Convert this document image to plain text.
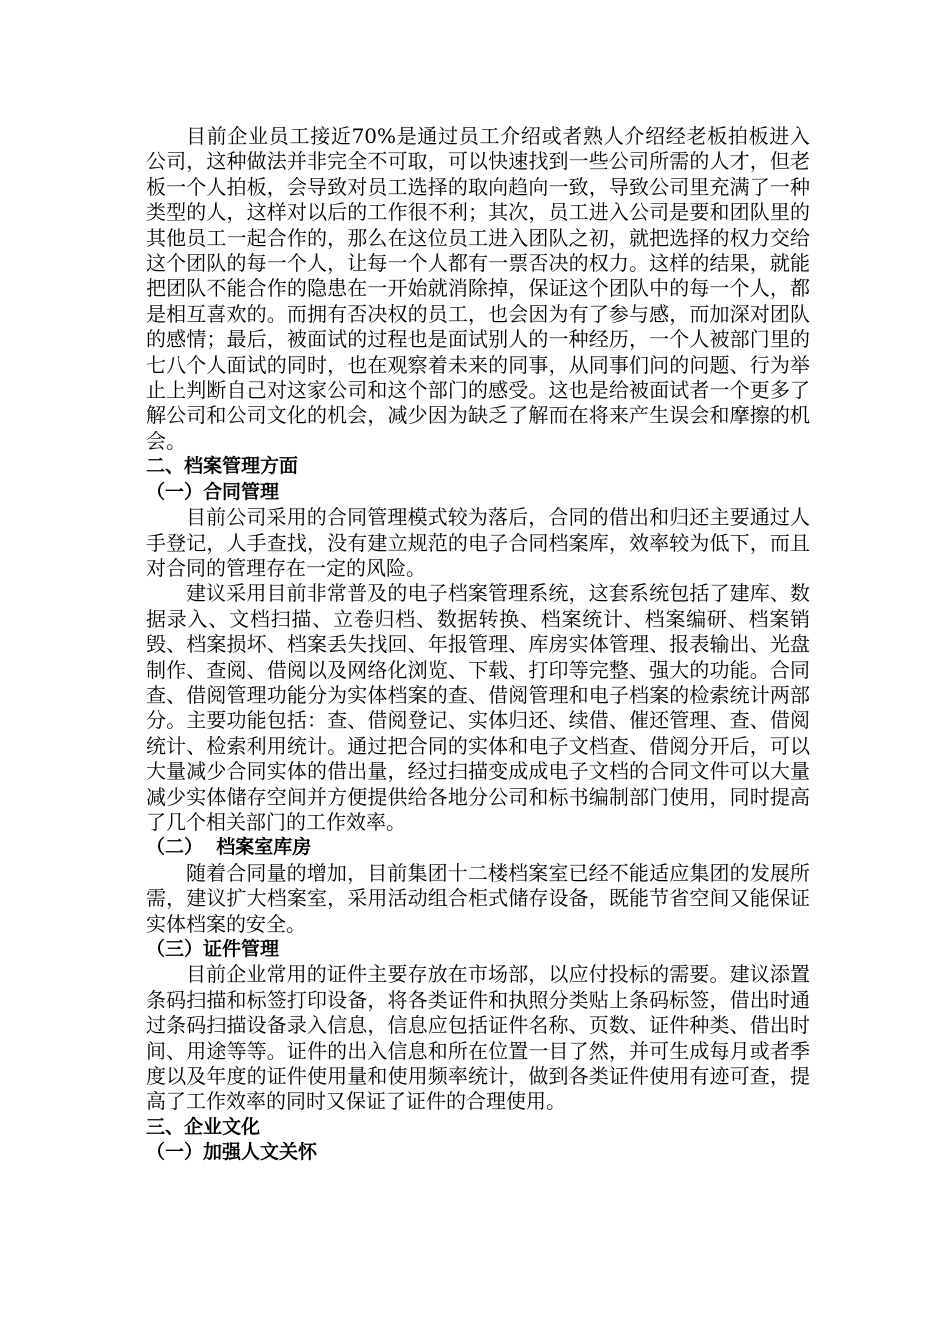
目前企业员工接近70%是通过员工介绍或者熟人介绍经老板拍板进入公司，这种做法并非完全不可取，可以快速找到一些公司所需的人才，但老板一个人拍板，会导致对员工选择的取向趋向一致，导致公司里充满了一种类型的人，这样对以后的工作很不利；其次，员工进入公司是要和团队里的其他员工一起合作的，那么在这位员工进入团队之初，就把选择的权力交给这个团队的每一个人，让每一个人都有一票否决的权力。这样的结果，就能把团队不能合作的隐患在一开始就消除掉，保证这个团队中的每一个人，都是相互喜欢的。而拥有否决权的员工，也会因为有了参与感，而加深对团队的感情；最后，被面试的过程也是面试别人的一种经历，一个人被部门里的七八个人面试的同时，也在观察着未来的同事，从同事们问的问题、行为举止上判断自己对这家公司和这个部门的感受。这也是给被面试者一个更多了解公司和公司文化的机会，减少因为缺乏了解而在将来产生误会和摩擦的机会。

二、档案管理方面

（一）合同管理

目前公司采用的合同管理模式较为落后，合同的借出和归还主要通过人手登记，人手查找，没有建立规范的电子合同档案库，效率较为低下，而且对合同的管理存在一定的风险。

建议采用目前非常普及的电子档案管理系统，这套系统包括了建库、数据录入、文档扫描、立卷归档、数据转换、档案统计、档案编研、档案销毁、档案损坏、档案丢失找回、年报管理、库房实体管理、报表输出、光盘制作、查阅、借阅以及网络化浏览、下载、打印等完整、强大的功能。合同查、借阅管理功能分为实体档案的查、借阅管理和电子档案的检索统计两部分。主要功能包括：查、借阅登记、实体归还、续借、催还管理、查、借阅统计、检索利用统计。通过把合同的实体和电子文档查、借阅分开后，可以大量减少合同实体的借出量，经过扫描变成成电子文档的合同文件可以大量减少实体储存空间并方便提供给各地分公司和标书编制部门使用，同时提高了几个相关部门的工作效率。

（二）  档案室库房

随着合同量的增加，目前集团十二楼档案室已经不能适应集团的发展所需，建议扩大档案室，采用活动组合柜式储存设备，既能节省空间又能保证实体档案的安全。

（三）证件管理

目前企业常用的证件主要存放在市场部，以应付投标的需要。建议添置条码扫描和标签打印设备，将各类证件和执照分类贴上条码标签，借出时通过条码扫描设备录入信息，信息应包括证件名称、页数、证件种类、借出时间、用途等等。证件的出入信息和所在位置一目了然，并可生成每月或者季度以及年度的证件使用量和使用频率统计，做到各类证件使用有迹可查，提高了工作效率的同时又保证了证件的合理使用。

三、企业文化

（一）加强人文关怀
